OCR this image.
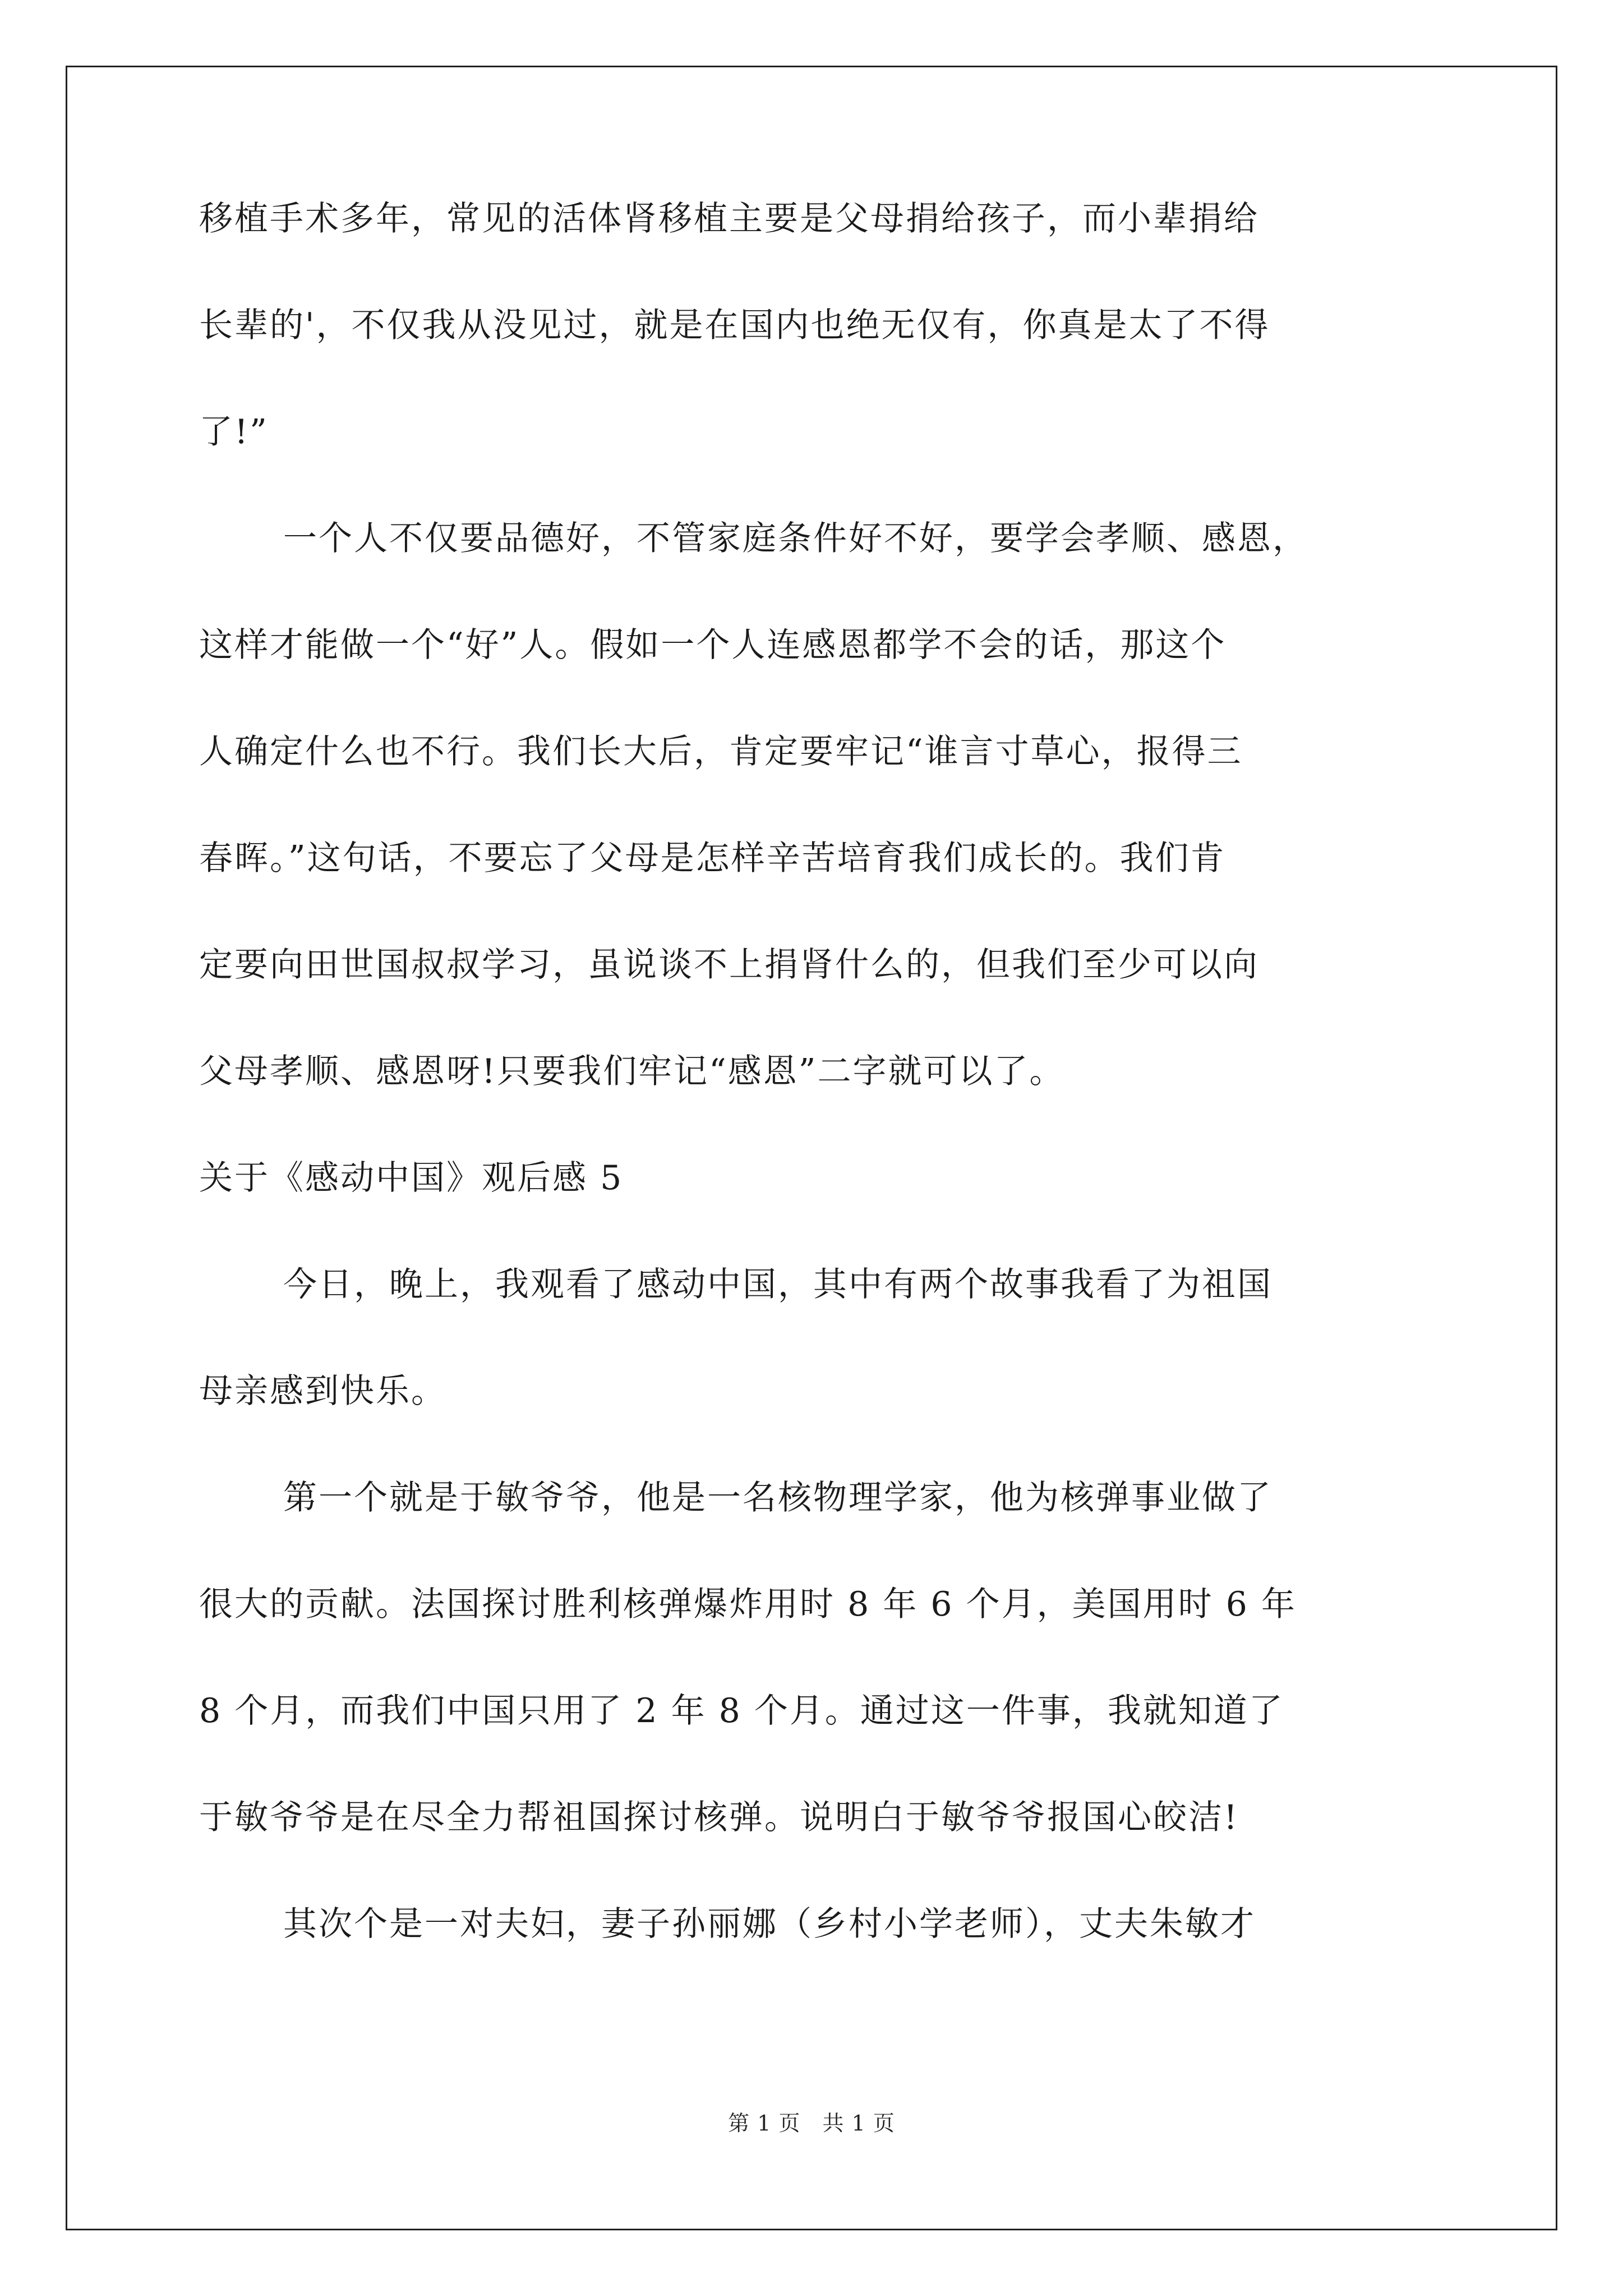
移植手术多年，常见的活体肾移植主要是父母捐给孩子，而小辈捐给
长辈的'，不仅我从没见过，就是在国内也绝无仅有，你真是太了不得
了!”
一个人不仅要品德好，不管家庭条件好不好，要学会孝顺、感恩，
这样才能做一个“好”人。假如一个人连感恩都学不会的话，那这个
人确定什么也不行。我们长大后，肯定要牢记“谁言寸草心，报得三
春晖。”这句话，不要忘了父母是怎样辛苦培育我们成长的。我们肯
定要向田世国叔叔学习，虽说谈不上捐肾什么的，但我们至少可以向
父母孝顺、感恩呀!只要我们牢记“感恩”二字就可以了。
关于《感动中国》观后感 5
今日，晚上，我观看了感动中国，其中有两个故事我看了为祖国
母亲感到快乐。
第一个就是于敏爷爷，他是一名核物理学家，他为核弹事业做了
很大的贡献。法国探讨胜利核弹爆炸用时 8 年 6 个月，美国用时 6 年
8 个月，而我们中国只用了 2 年 8 个月。通过这一件事，我就知道了
于敏爷爷是在尽全力帮祖国探讨核弹。说明白于敏爷爷报国心皎洁!
其次个是一对夫妇，妻子孙丽娜（乡村小学老师），丈夫朱敏才
第 1 页　共 1 页
